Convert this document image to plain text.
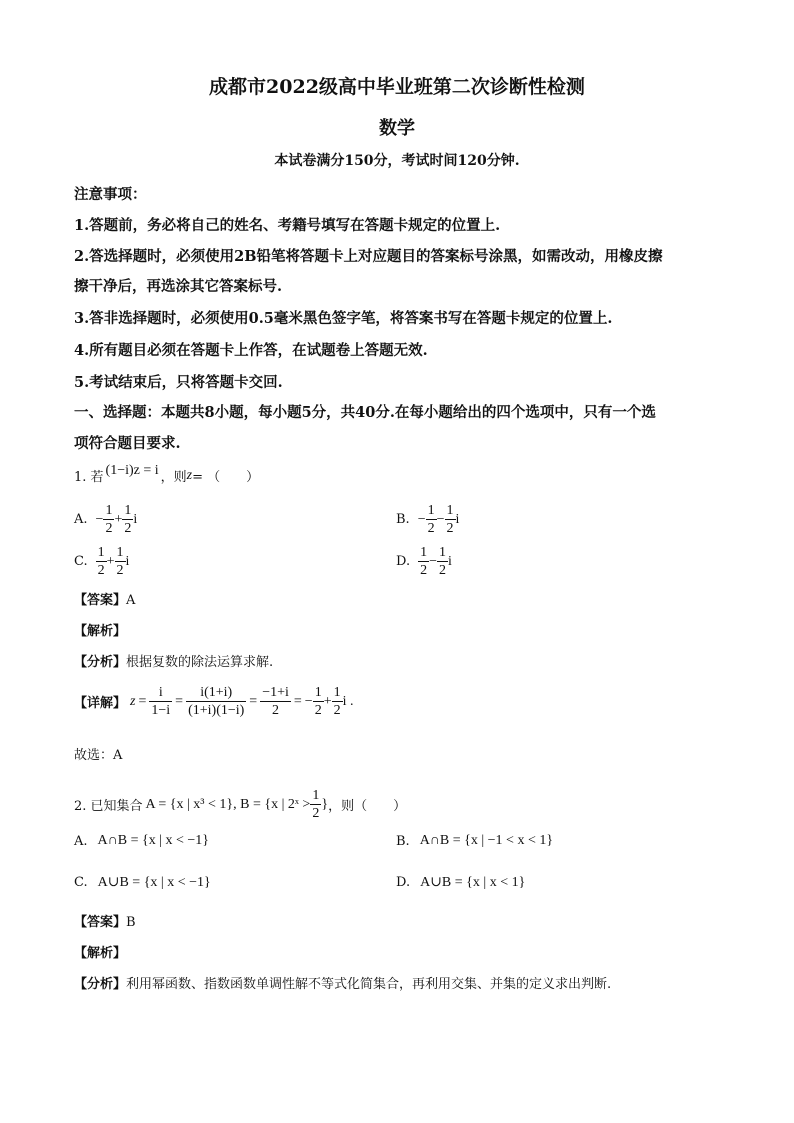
成都市2022级高中毕业班第二次诊断性检测
数学
本试卷满分150分，考试时间120分钟.
注意事项：
1.答题前，务必将自己的姓名、考籍号填写在答题卡规定的位置上.
2.答选择题时，必须使用2B铅笔将答题卡上对应题目的答案标号涂黑，如需改动，用橡皮擦
擦干净后，再选涂其它答案标号.
3.答非选择题时，必须使用0.5毫米黑色签字笔，将答案书写在答题卡规定的位置上.
4.所有题目必须在答题卡上作答，在试题卷上答题无效.
5.考试结束后，只将答题卡交回.
一、选择题：本题共8小题，每小题5分，共40分.在每小题给出的四个选项中，只有一个选
项符合题目要求.
1. 若 (1−i)z = i ，则 z = （　　）
A. − $\frac{1}{2} + \frac{1}{2}$ i	B. − $\frac{1}{2} - \frac{1}{2}$ i
C. $\frac{1}{2} + \frac{1}{2}$ i	D. $\frac{1}{2} - \frac{1}{2}$ i
【答案】A
【解析】
【分析】根据复数的除法运算求解.
【详解】 $z = \frac{i}{1-i} = \frac{i(1+i)}{(1+i)(1-i)} = \frac{-1+i}{2}$ = − $\frac{1}{2} + \frac{1}{2}$ i .
故选：A
2. 已知集合 A = {x | x³ < 1}, B = {x | 2ˣ > $\frac{1}{2}$ } ，则（　　）
A. A∩B = {x | x < −1}	B. A∩B = {x | −1 < x < 1}
C. A∪B = {x | x < −1}	D. A∪B = {x | x < 1}
【答案】B
【解析】
【分析】利用幂函数、指数函数单调性解不等式化简集合，再利用交集、并集的定义求出判断.
